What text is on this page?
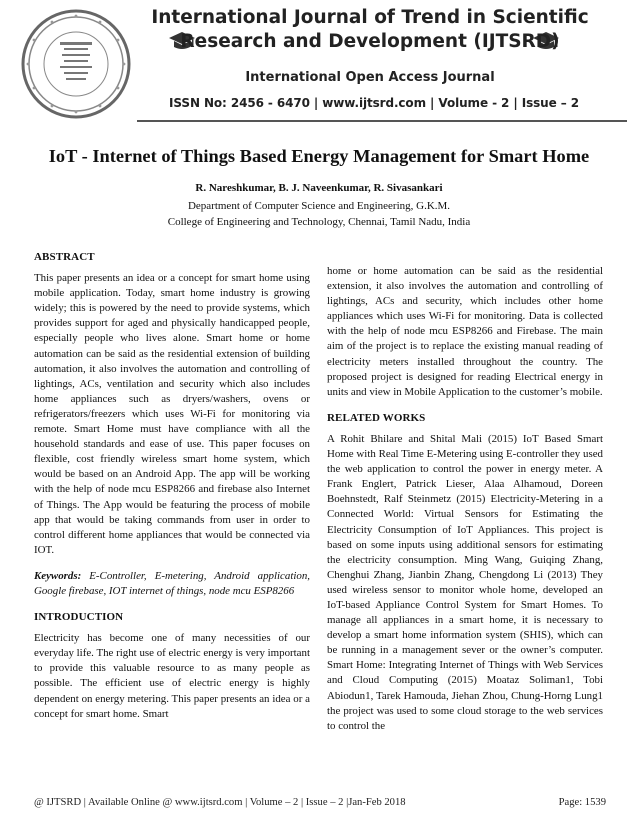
International Journal of Trend in Scientific Research and Development (IJTSRD)
International Open Access Journal
ISSN No: 2456 - 6470 | www.ijtsrd.com | Volume - 2 | Issue – 2
IoT - Internet of Things Based Energy Management for Smart Home
R. Nareshkumar, B. J. Naveenkumar, R. Sivasankari
Department of Computer Science and Engineering, G.K.M.
College of Engineering and Technology, Chennai, Tamil Nadu, India
ABSTRACT

This paper presents an idea or a concept for smart home using mobile application. Today, smart home industry is growing widely; this is powered by the need to provide systems, which provides support for aged and physically handicapped people, especially people who lives alone. Smart home or home automation can be said as the residential extension of building automation, it also involves the automation and controlling of lightings, ACs, ventilation and security which also includes home appliances such as dryers/washers, ovens or refrigerators/freezers which uses Wi-Fi for monitoring via remote. Smart Home must have compliance with all the household standards and ease of use. This paper focuses on flexible, cost friendly wireless smart home system, which would be based on an Android App. The app will be working with the help of node mcu ESP8266 and firebase also Internet of Things. The App would be featuring the process of mobile app that would be taking commands from user in order to control different home appliances that would be connected via IOT.

Keywords: E-Controller, E-metering, Android application, Google firebase, IOT internet of things, node mcu ESP8266

INTRODUCTION

Electricity has become one of many necessities of our everyday life. The right use of electric energy is very important to provide this valuable resource to as many people as possible. The efficient use of electric energy is highly dependent on energy metering. This paper presents an idea or a concept for smart home. Smart

home or home automation can be said as the residential extension, it also involves the automation and controlling of lightings, ACs and security, which includes other home appliances which uses Wi-Fi for monitoring. Data is collected with the help of node mcu ESP8266 and Firebase. The main aim of the project is to replace the existing manual reading of electricity meters installed throughout the country. The proposed project is designed for reading Electrical energy in units and view in Mobile Application to the customer’s mobile.

RELATED WORKS

A Rohit Bhilare and Shital Mali (2015) IoT Based Smart Home with Real Time E-Metering using E-controller they used the web application to control the power in energy meter. A Frank Englert, Patrick Lieser, Alaa Alhamoud, Doreen Boehnstedt, Ralf Steinmetz (2015) Electricity-Metering in a Connected World: Virtual Sensors for Estimating the Electricity Consumption of IoT Appliances. This project is based on some inputs using additional sensors for estimating the electricity consumption. Ming Wang, Guiqing Zhang, Chenghui Zhang, Jianbin Zhang, Chengdong Li (2013) They used wireless sensor to monitor whole home, developed an IoT-based Appliance Control System for Smart Homes. To manage all appliances in a smart home, it is necessary to develop a smart home information system (SHIS), which can be running in a management sever or the owner’s computer. Smart Home: Integrating Internet of Things with Web Services and Cloud Computing (2015) Moataz Soliman1, Tobi Abiodun1, Tarek Hamouda, Jiehan Zhou, Chung-Horng Lung1 the project was used to some cloud storage to the web services to control the

@ IJTSRD | Available Online @ www.ijtsrd.com | Volume – 2 | Issue – 2 |Jan-Feb 2018	Page: 1539
